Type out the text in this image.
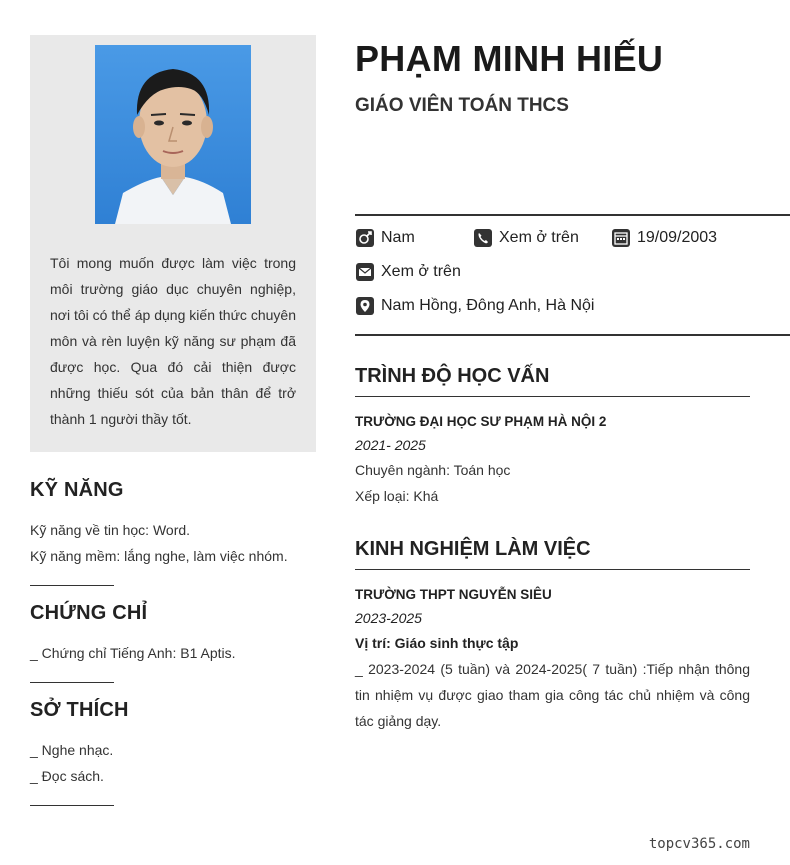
Tôi mong muốn được làm việc trong môi trường giáo dục chuyên nghiệp, nơi tôi có thể áp dụng kiến thức chuyên môn và rèn luyện kỹ năng sư phạm đã được học. Qua đó cải thiện được những thiếu sót của bản thân để trở thành 1 người thầy tốt.

KỸ NĂNG
Kỹ năng về tin học: Word.
Kỹ năng mềm: lắng nghe, làm việc nhóm.
CHỨNG CHỈ
_ Chứng chỉ Tiếng Anh: B1 Aptis.
SỞ THÍCH
_ Nghe nhạc.
_ Đọc sách.
PHẠM MINH HIẾU
GIÁO VIÊN TOÁN THCS
Nam	Xem ở trên	19/09/2003
Xem ở trên
Nam Hồng, Đông Anh, Hà Nội
TRÌNH ĐỘ HỌC VẤN
TRƯỜNG ĐẠI HỌC SƯ PHẠM HÀ NỘI 2
2021- 2025
Chuyên ngành: Toán học
Xếp loại: Khá
KINH NGHIỆM LÀM VIỆC
TRƯỜNG THPT NGUYỄN SIÊU
2023-2025
Vị trí: Giáo sinh thực tập

_ 2023-2024 (5 tuần) và 2024-2025( 7 tuần) :Tiếp nhận thông tin nhiệm vụ được giao tham gia công tác chủ nhiệm và công tác giảng dạy.

topcv365.com
